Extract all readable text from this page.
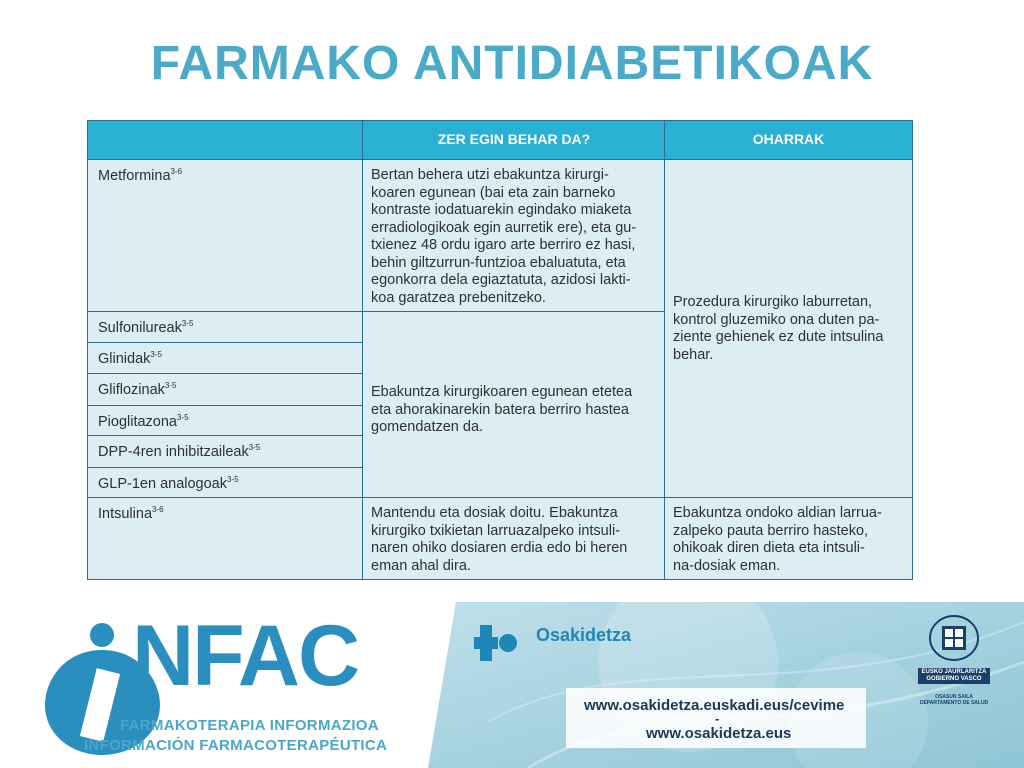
FARMAKO ANTIDIABETIKOAK
ZER EGIN BEHAR DA?	OHARRAK
Metformina$^{3-6}$
Sulfonilureak$^{3-5}$
Glinidak$^{3-5}$
Gliflozinak$^{3-5}$
Pioglitazona$^{3-5}$
DPP-4ren inhibitzaileak$^{3-5}$
GLP-1en analogoak$^{3-5}$
Intsulina$^{3-6}$
Bertan behera utzi ebakuntza kirurgi-
koaren egunean (bai eta zain barneko
kontraste iodatuarekin egindako miaketa
erradiologikoak egin aurretik ere), eta gu-
txienez 48 ordu igaro arte berriro ez hasi,
behin giltzurrun-funtzioa ebaluatuta, eta
egonkorra dela egiaztatuta, azidosi lakti-
koa garatzea prebenitzeko.
Ebakuntza kirurgikoaren egunean etetea
eta ahorakinarekin batera berriro hastea
gomendatzen da.
Mantendu eta dosiak doitu. Ebakuntza
kirurgiko txikietan larruazalpeko intsuli-
naren ohiko dosiaren erdia edo bi heren
eman ahal dira.
Prozedura kirurgiko laburretan,
kontrol gluzemiko ona duten pa-
ziente gehienek ez dute intsulina
behar.
Ebakuntza ondoko aldian larrua-
zalpeko pauta berriro hasteko,
ohikoak diren dieta eta intsuli-
na-dosiak eman.
NFAC
FARMAKOTERAPIA INFORMAZIOA
INFORMACIÓN FARMACOTERAPÉUTICA
Osakidetza
www.osakidetza.euskadi.eus/cevime
-
www.osakidetza.eus
EUSKO JAURLARITZA
GOBIERNO VASCO
OSASUN SAILA
DEPARTAMENTO DE SALUD
